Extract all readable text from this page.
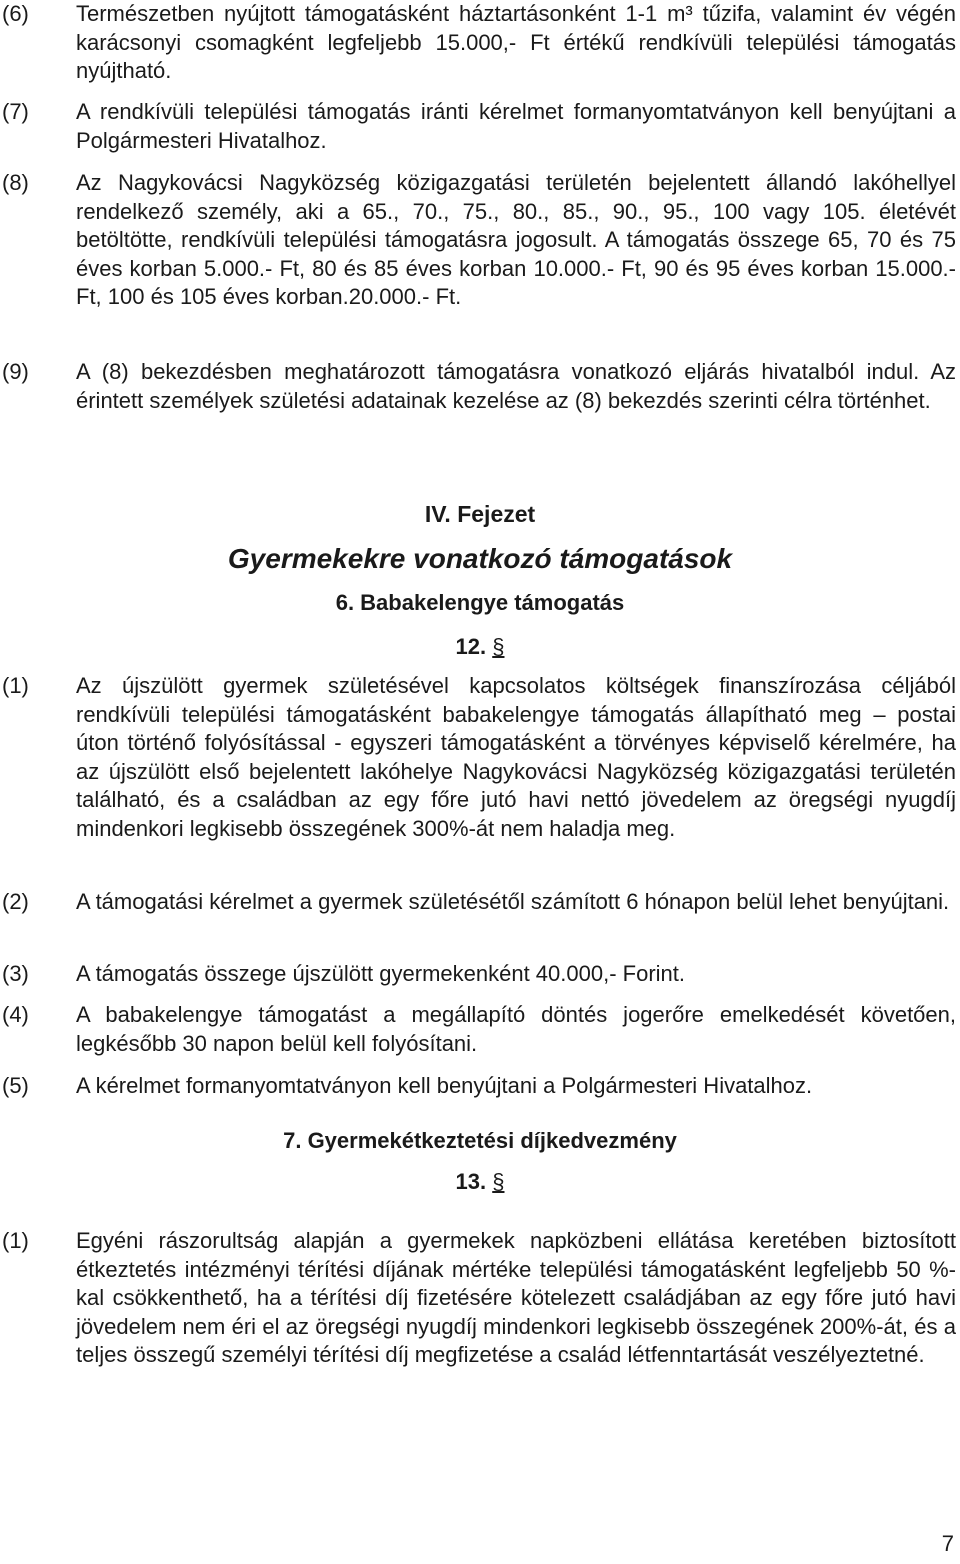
(6)	Természetben nyújtott támogatásként háztartásonként 1-1 m³ tűzifa, valamint év végén karácsonyi csomagként legfeljebb 15.000,- Ft értékű rendkívüli települési támogatás nyújtható.
(7)	A rendkívüli települési támogatás iránti kérelmet formanyomtatványon kell benyújtani a Polgármesteri Hivatalhoz.
(8)	Az Nagykovácsi Nagyközség közigazgatási területén bejelentett állandó lakóhellyel rendelkező személy, aki a 65., 70., 75., 80., 85., 90., 95., 100 vagy 105. életévét betöltötte, rendkívüli települési támogatásra jogosult. A támogatás összege 65, 70 és 75 éves korban 5.000.- Ft, 80 és 85 éves korban 10.000.- Ft, 90 és 95 éves korban 15.000.- Ft, 100 és 105 éves korban.20.000.- Ft.
(9)	A (8) bekezdésben meghatározott támogatásra vonatkozó eljárás hivatalból indul. Az érintett személyek születési adatainak kezelése az (8) bekezdés szerinti célra történhet.
IV. Fejezet
Gyermekekre vonatkozó támogatások
6. Babakelengye támogatás
12. §
(1)	Az újszülött gyermek születésével kapcsolatos költségek finanszírozása céljából rendkívüli települési támogatásként babakelengye támogatás állapítható meg – postai úton történő folyósítással - egyszeri támogatásként a törvényes képviselő kérelmére, ha az újszülött első bejelentett lakóhelye Nagykovácsi Nagyközség közigazgatási területén található, és a családban az egy főre jutó havi nettó jövedelem az öregségi nyugdíj mindenkori legkisebb összegének 300%-át nem haladja meg.
(2)	A támogatási kérelmet a gyermek születésétől számított 6 hónapon belül lehet benyújtani.
(3)	A támogatás összege újszülött gyermekenként 40.000,- Forint.
(4)	A babakelengye támogatást a megállapító döntés jogerőre emelkedését követően, legkésőbb 30 napon belül kell folyósítani.
(5)	A kérelmet formanyomtatványon kell benyújtani a Polgármesteri Hivatalhoz.
7. Gyermekétkeztetési díjkedvezmény
13. §
(1)	Egyéni rászorultság alapján a gyermekek napközbeni ellátása keretében biztosított étkeztetés intézményi térítési díjának mértéke települési támogatásként legfeljebb 50 %-kal csökkenthető, ha a térítési díj fizetésére kötelezett családjában az egy főre jutó havi jövedelem nem éri el az öregségi nyugdíj mindenkori legkisebb összegének 200%-át, és a teljes összegű személyi térítési díj megfizetése a család létfenntartását veszélyeztetné.
7
